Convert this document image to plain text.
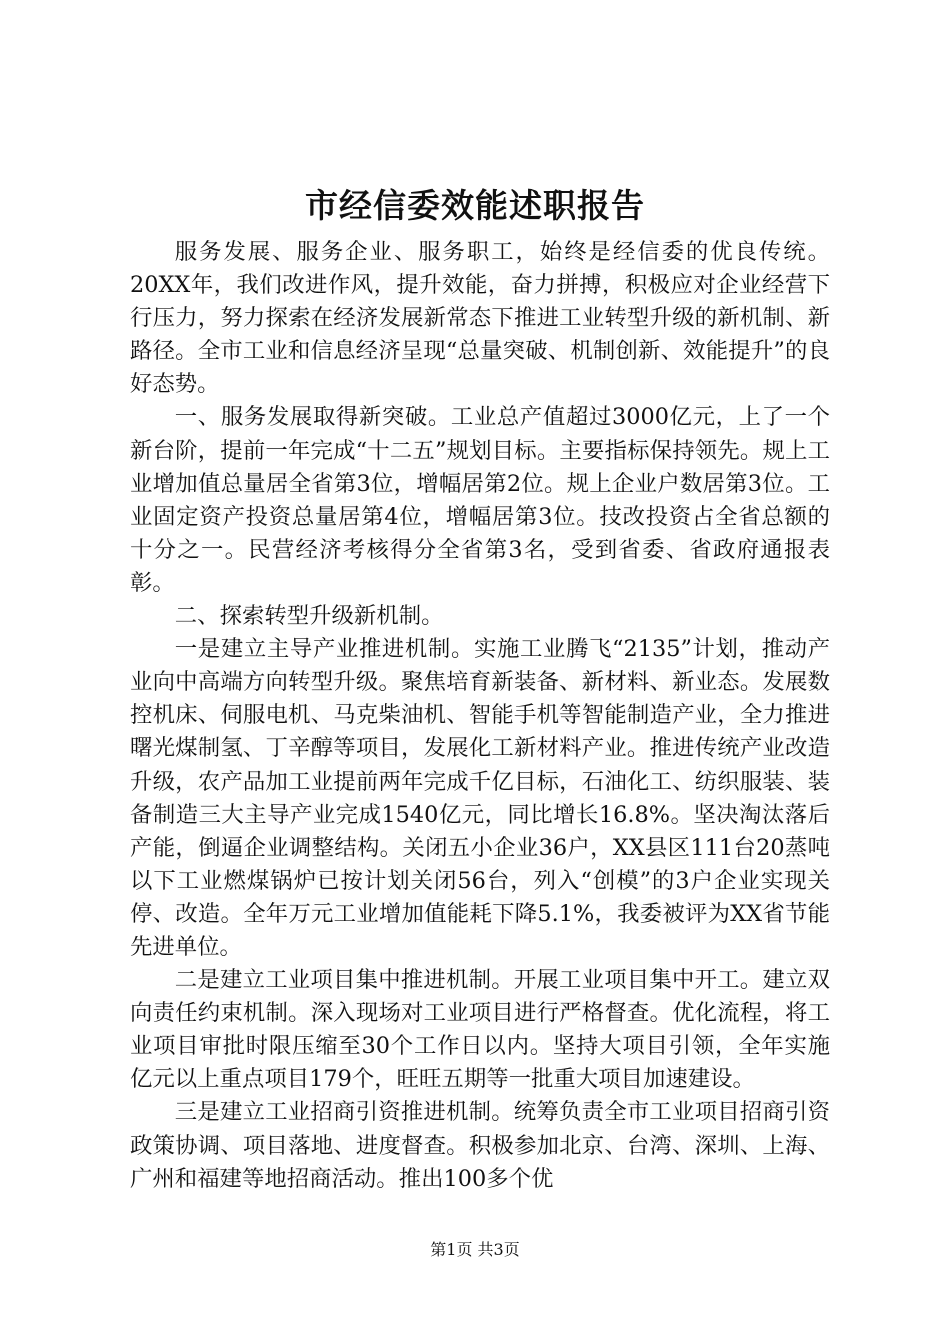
市经信委效能述职报告

服务发展、服务企业、服务职工，始终是经信委的优良传统。20XX年，我们改进作风，提升效能，奋力拼搏，积极应对企业经营下行压力，努力探索在经济发展新常态下推进工业转型升级的新机制、新路径。全市工业和信息经济呈现“总量突破、机制创新、效能提升”的良好态势。

一、服务发展取得新突破。工业总产值超过3000亿元，上了一个新台阶，提前一年完成“十二五”规划目标。主要指标保持领先。规上工业增加值总量居全省第3位，增幅居第2位。规上企业户数居第3位。工业固定资产投资总量居第4位，增幅居第3位。技改投资占全省总额的十分之一。民营经济考核得分全省第3名，受到省委、省政府通报表彰。

二、探索转型升级新机制。

一是建立主导产业推进机制。实施工业腾飞“2135”计划，推动产业向中高端方向转型升级。聚焦培育新装备、新材料、新业态。发展数控机床、伺服电机、马克柴油机、智能手机等智能制造产业，全力推进曙光煤制氢、丁辛醇等项目，发展化工新材料产业。推进传统产业改造升级，农产品加工业提前两年完成千亿目标，石油化工、纺织服装、装备制造三大主导产业完成1540亿元，同比增长16.8%。坚决淘汰落后产能，倒逼企业调整结构。关闭五小企业36户，XX县区111台20蒸吨以下工业燃煤锅炉已按计划关闭56台，列入“创模”的3户企业实现关停、改造。全年万元工业增加值能耗下降5.1%，我委被评为XX省节能先进单位。

二是建立工业项目集中推进机制。开展工业项目集中开工。建立双向责任约束机制。深入现场对工业项目进行严格督查。优化流程，将工业项目审批时限压缩至30个工作日以内。坚持大项目引领，全年实施亿元以上重点项目179个，旺旺五期等一批重大项目加速建设。

三是建立工业招商引资推进机制。统筹负责全市工业项目招商引资政策协调、项目落地、进度督查。积极参加北京、台湾、深圳、上海、广州和福建等地招商活动。推出100多个优

第1页 共3页
